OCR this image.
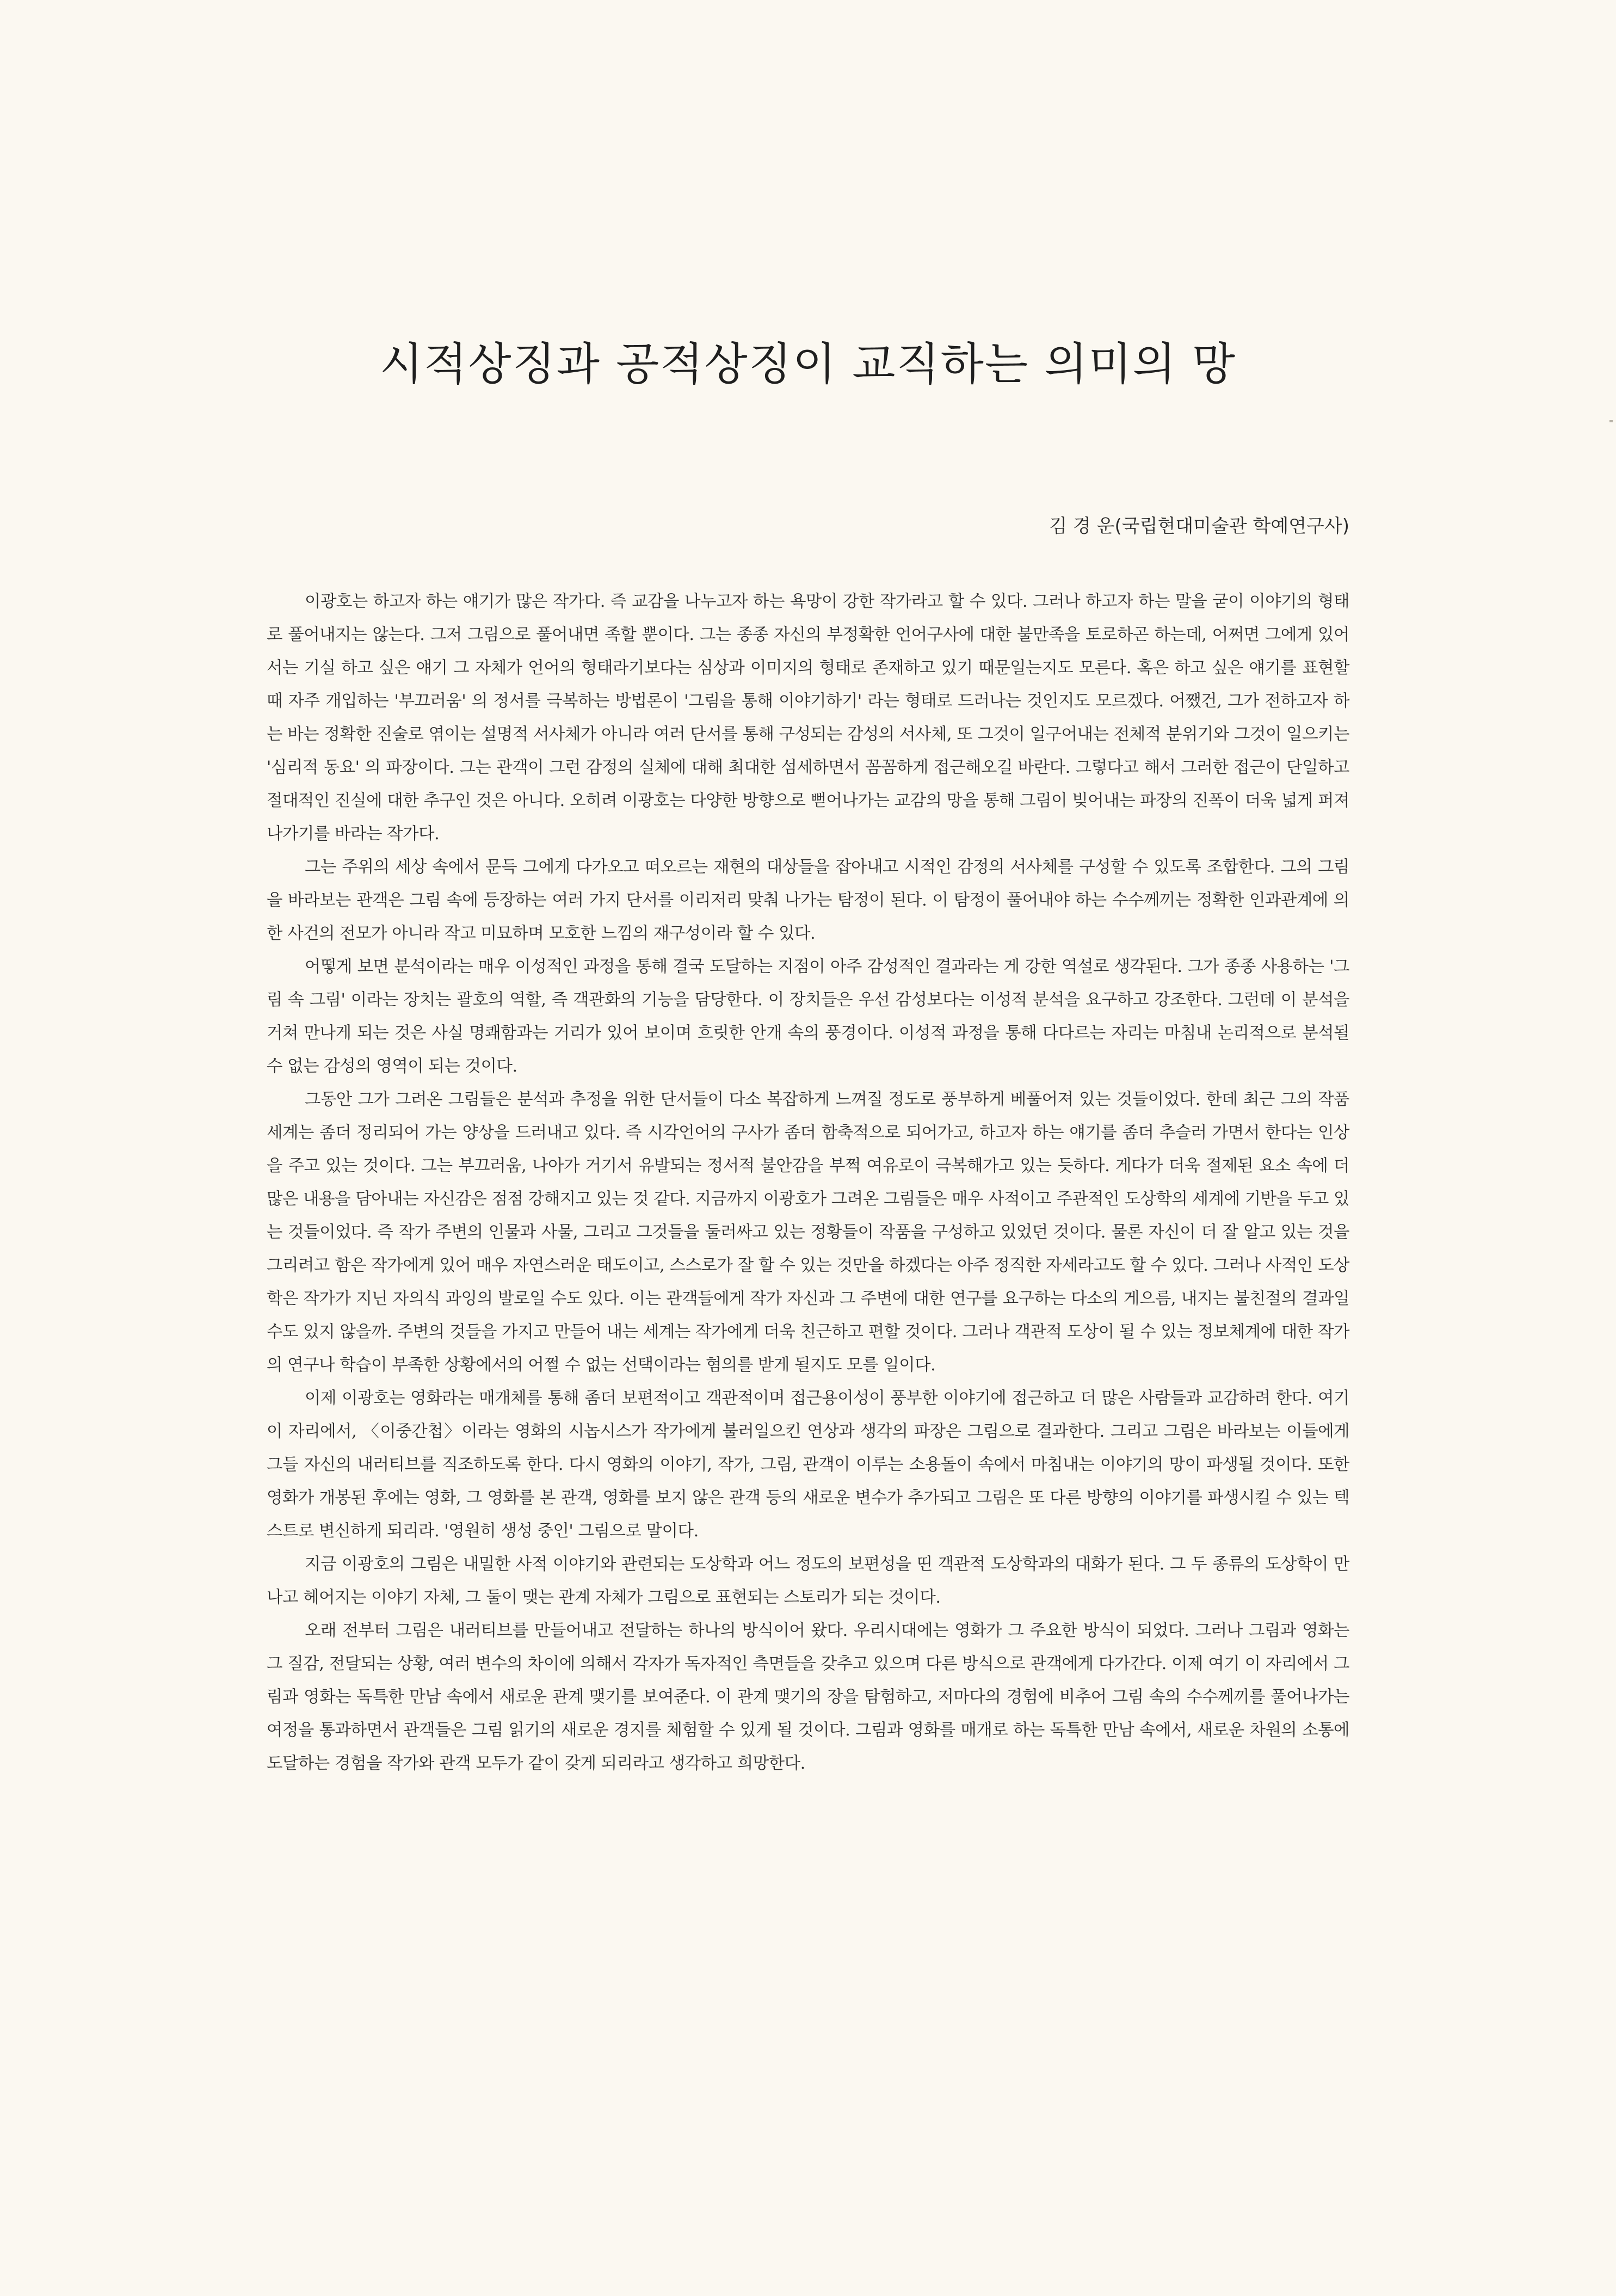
시적상징과 공적상징이 교직하는 의미의 망

김 경 운(국립현대미술관 학예연구사)

이광호는 하고자 하는 얘기가 많은 작가다. 즉 교감을 나누고자 하는 욕망이 강한 작가라고 할 수 있다. 그러나 하고자 하는 말을 굳이 이야기의 형태로 풀어내지는 않는다. 그저 그림으로 풀어내면 족할 뿐이다. 그는 종종 자신의 부정확한 언어구사에 대한 불만족을 토로하곤 하는데, 어쩌면 그에게 있어서는 기실 하고 싶은 얘기 그 자체가 언어의 형태라기보다는 심상과 이미지의 형태로 존재하고 있기 때문일는지도 모른다. 혹은 하고 싶은 얘기를 표현할 때 자주 개입하는 '부끄러움' 의 정서를 극복하는 방법론이 '그림을 통해 이야기하기' 라는 형태로 드러나는 것인지도 모르겠다. 어쨌건, 그가 전하고자 하는 바는 정확한 진술로 엮이는 설명적 서사체가 아니라 여러 단서를 통해 구성되는 감성의 서사체, 또 그것이 일구어내는 전체적 분위기와 그것이 일으키는 '심리적 동요' 의 파장이다. 그는 관객이 그런 감정의 실체에 대해 최대한 섬세하면서 꼼꼼하게 접근해오길 바란다. 그렇다고 해서 그러한 접근이 단일하고 절대적인 진실에 대한 추구인 것은 아니다. 오히려 이광호는 다양한 방향으로 뻗어나가는 교감의 망을 통해 그림이 빚어내는 파장의 진폭이 더욱 넓게 퍼져 나가기를 바라는 작가다.

그는 주위의 세상 속에서 문득 그에게 다가오고 떠오르는 재현의 대상들을 잡아내고 시적인 감정의 서사체를 구성할 수 있도록 조합한다. 그의 그림을 바라보는 관객은 그림 속에 등장하는 여러 가지 단서를 이리저리 맞춰 나가는 탐정이 된다. 이 탐정이 풀어내야 하는 수수께끼는 정확한 인과관계에 의한 사건의 전모가 아니라 작고 미묘하며 모호한 느낌의 재구성이라 할 수 있다.

어떻게 보면 분석이라는 매우 이성적인 과정을 통해 결국 도달하는 지점이 아주 감성적인 결과라는 게 강한 역설로 생각된다. 그가 종종 사용하는 '그림 속 그림' 이라는 장치는 괄호의 역할, 즉 객관화의 기능을 담당한다. 이 장치들은 우선 감성보다는 이성적 분석을 요구하고 강조한다. 그런데 이 분석을 거쳐 만나게 되는 것은 사실 명쾌함과는 거리가 있어 보이며 흐릿한 안개 속의 풍경이다. 이성적 과정을 통해 다다르는 자리는 마침내 논리적으로 분석될 수 없는 감성의 영역이 되는 것이다.

그동안 그가 그려온 그림들은 분석과 추정을 위한 단서들이 다소 복잡하게 느껴질 정도로 풍부하게 베풀어져 있는 것들이었다. 한데 최근 그의 작품세계는 좀더 정리되어 가는 양상을 드러내고 있다. 즉 시각언어의 구사가 좀더 함축적으로 되어가고, 하고자 하는 얘기를 좀더 추슬러 가면서 한다는 인상을 주고 있는 것이다. 그는 부끄러움, 나아가 거기서 유발되는 정서적 불안감을 부쩍 여유로이 극복해가고 있는 듯하다. 게다가 더욱 절제된 요소 속에 더 많은 내용을 담아내는 자신감은 점점 강해지고 있는 것 같다. 지금까지 이광호가 그려온 그림들은 매우 사적이고 주관적인 도상학의 세계에 기반을 두고 있는 것들이었다. 즉 작가 주변의 인물과 사물, 그리고 그것들을 둘러싸고 있는 정황들이 작품을 구성하고 있었던 것이다. 물론 자신이 더 잘 알고 있는 것을 그리려고 함은 작가에게 있어 매우 자연스러운 태도이고, 스스로가 잘 할 수 있는 것만을 하겠다는 아주 정직한 자세라고도 할 수 있다. 그러나 사적인 도상학은 작가가 지닌 자의식 과잉의 발로일 수도 있다. 이는 관객들에게 작가 자신과 그 주변에 대한 연구를 요구하는 다소의 게으름, 내지는 불친절의 결과일 수도 있지 않을까. 주변의 것들을 가지고 만들어 내는 세계는 작가에게 더욱 친근하고 편할 것이다. 그러나 객관적 도상이 될 수 있는 정보체계에 대한 작가의 연구나 학습이 부족한 상황에서의 어쩔 수 없는 선택이라는 혐의를 받게 될지도 모를 일이다.

이제 이광호는 영화라는 매개체를 통해 좀더 보편적이고 객관적이며 접근용이성이 풍부한 이야기에 접근하고 더 많은 사람들과 교감하려 한다. 여기 이 자리에서, 〈이중간첩〉이라는 영화의 시놉시스가 작가에게 불러일으킨 연상과 생각의 파장은 그림으로 결과한다. 그리고 그림은 바라보는 이들에게 그들 자신의 내러티브를 직조하도록 한다. 다시 영화의 이야기, 작가, 그림, 관객이 이루는 소용돌이 속에서 마침내는 이야기의 망이 파생될 것이다. 또한 영화가 개봉된 후에는 영화, 그 영화를 본 관객, 영화를 보지 않은 관객 등의 새로운 변수가 추가되고 그림은 또 다른 방향의 이야기를 파생시킬 수 있는 텍스트로 변신하게 되리라. '영원히 생성 중인' 그림으로 말이다.

지금 이광호의 그림은 내밀한 사적 이야기와 관련되는 도상학과 어느 정도의 보편성을 띤 객관적 도상학과의 대화가 된다. 그 두 종류의 도상학이 만나고 헤어지는 이야기 자체, 그 둘이 맺는 관계 자체가 그림으로 표현되는 스토리가 되는 것이다.

오래 전부터 그림은 내러티브를 만들어내고 전달하는 하나의 방식이어 왔다. 우리시대에는 영화가 그 주요한 방식이 되었다. 그러나 그림과 영화는 그 질감, 전달되는 상황, 여러 변수의 차이에 의해서 각자가 독자적인 측면들을 갖추고 있으며 다른 방식으로 관객에게 다가간다. 이제 여기 이 자리에서 그림과 영화는 독특한 만남 속에서 새로운 관계 맺기를 보여준다. 이 관계 맺기의 장을 탐험하고, 저마다의 경험에 비추어 그림 속의 수수께끼를 풀어나가는 여정을 통과하면서 관객들은 그림 읽기의 새로운 경지를 체험할 수 있게 될 것이다. 그림과 영화를 매개로 하는 독특한 만남 속에서, 새로운 차원의 소통에 도달하는 경험을 작가와 관객 모두가 같이 갖게 되리라고 생각하고 희망한다.
